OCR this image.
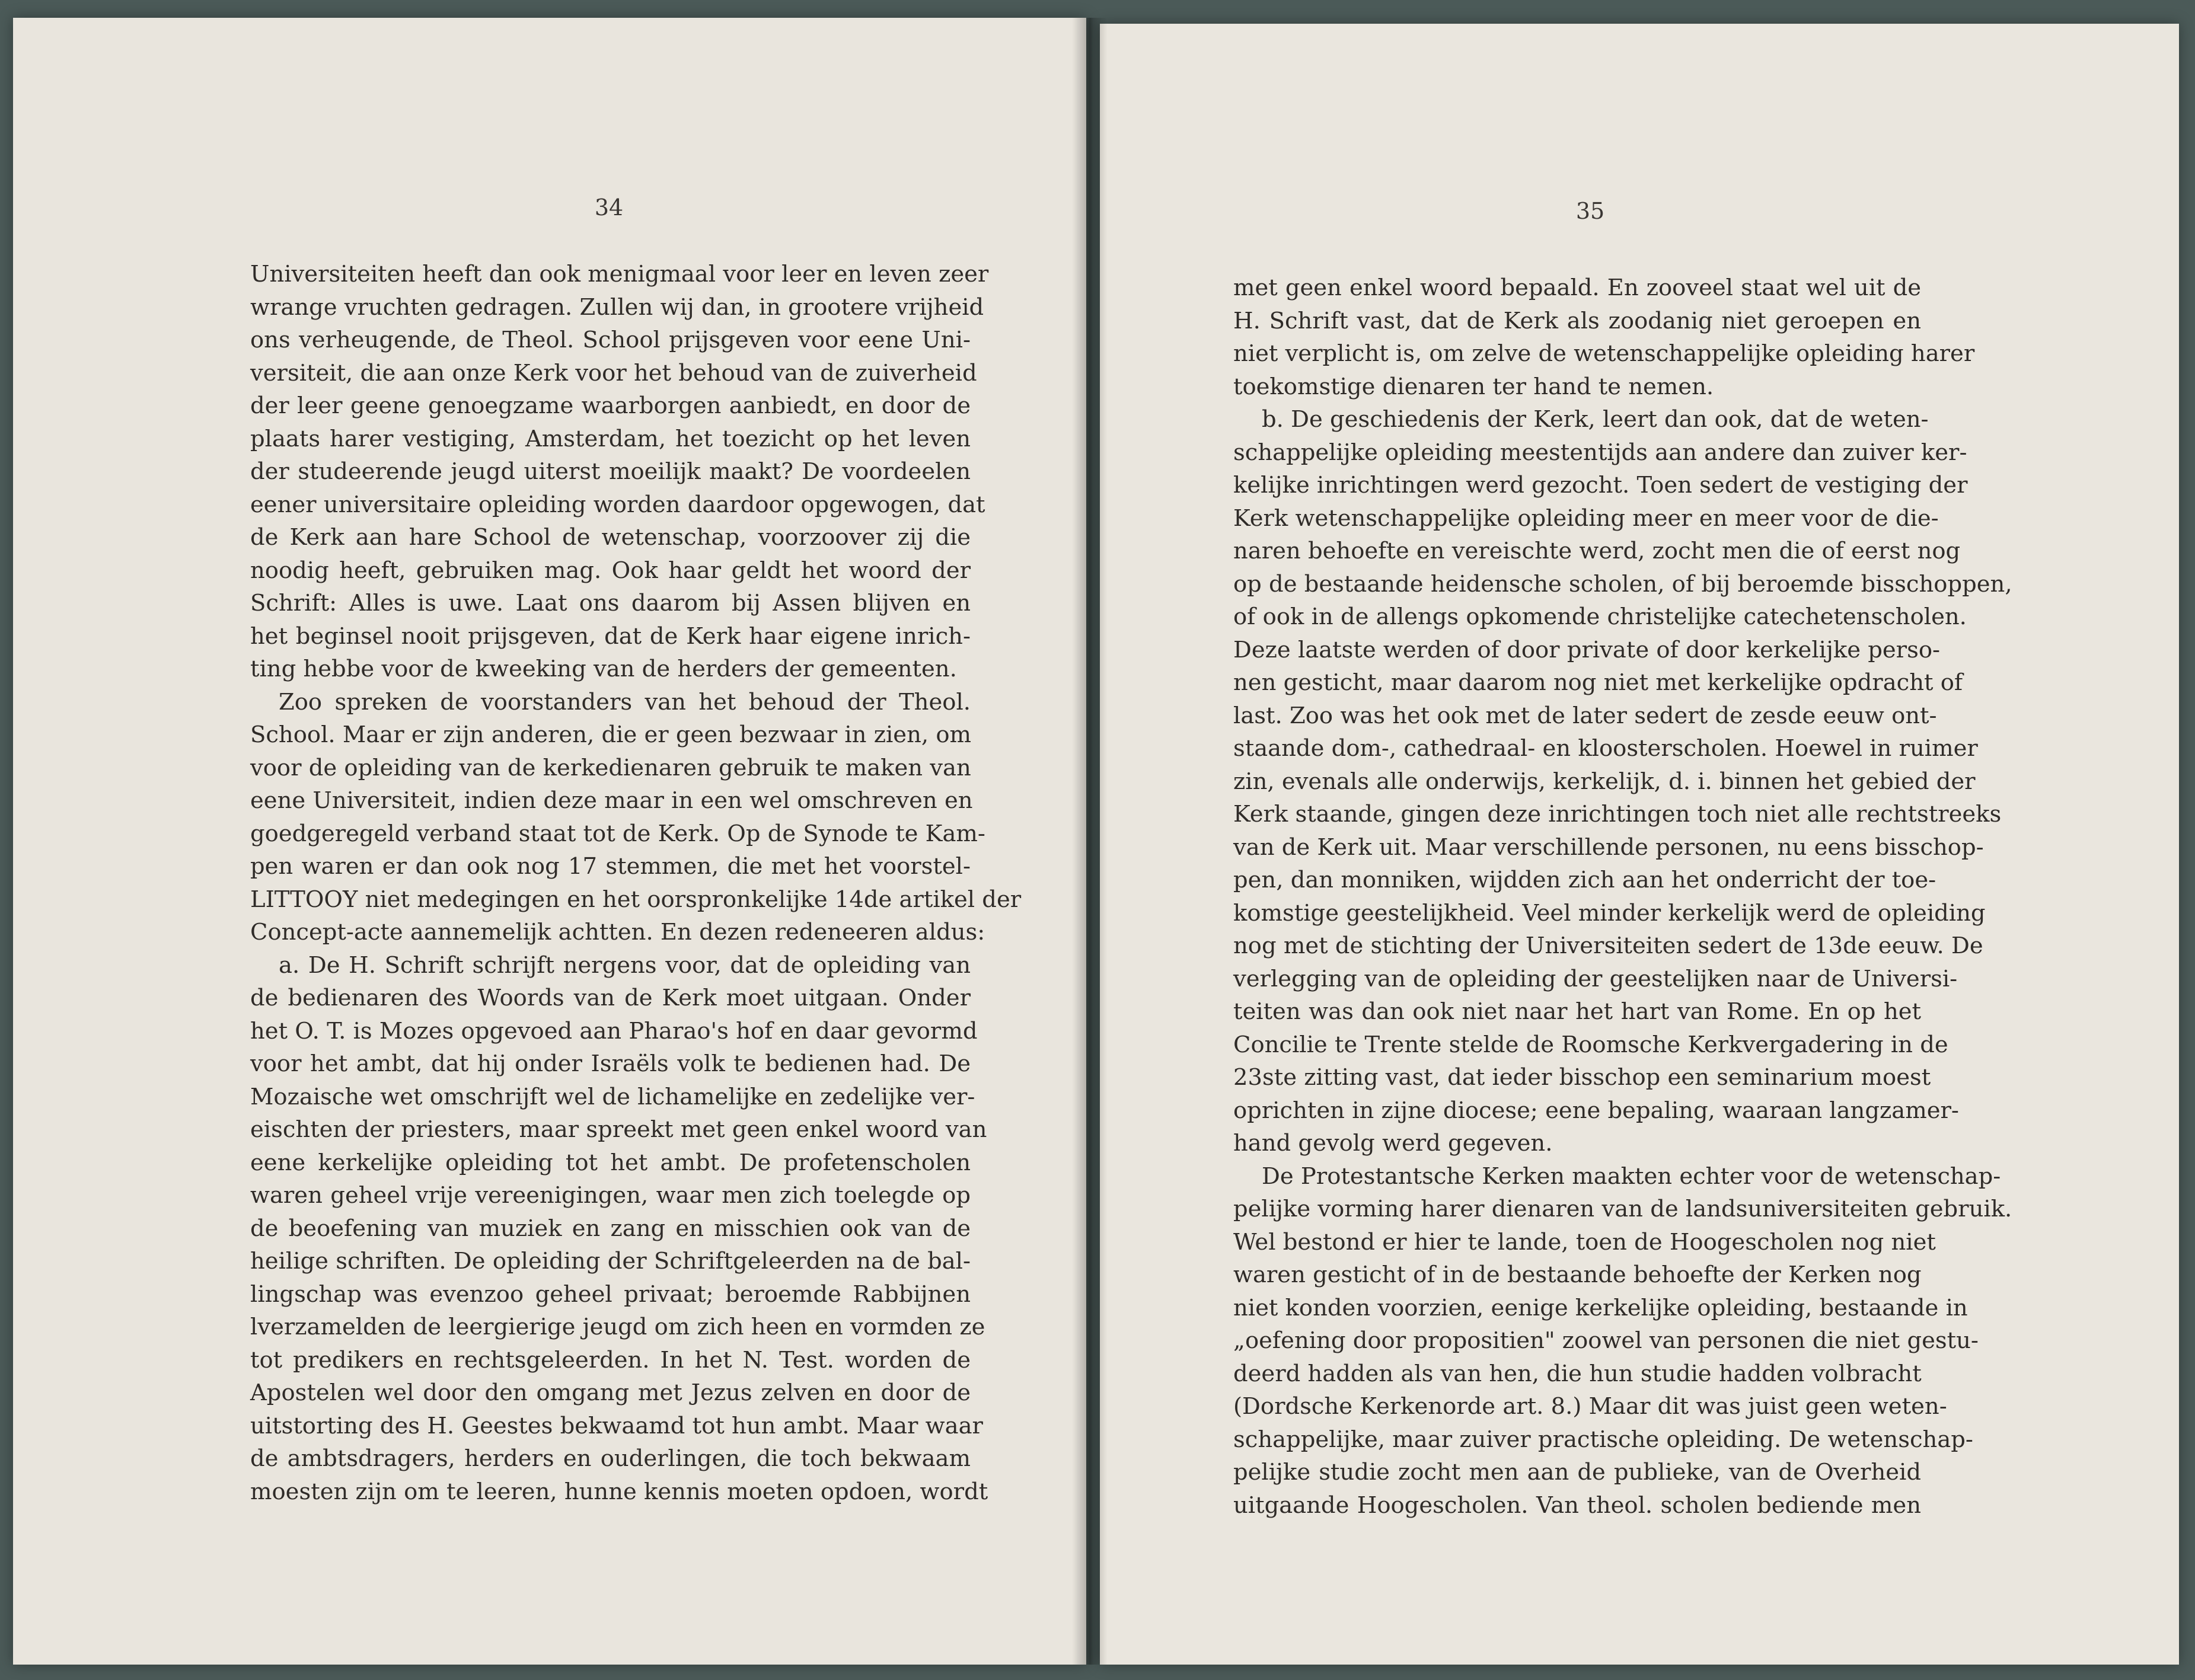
34
Universiteiten heeft dan ook menigmaal voor leer en leven zeer
wrange vruchten gedragen. Zullen wij dan, in grootere vrijheid
ons verheugende, de Theol. School prijsgeven voor eene Uni-
versiteit, die aan onze Kerk voor het behoud van de zuiverheid
der leer geene genoegzame waarborgen aanbiedt, en door de
plaats harer vestiging, Amsterdam, het toezicht op het leven
der studeerende jeugd uiterst moeilijk maakt? De voordeelen
eener universitaire opleiding worden daardoor opgewogen, dat
de Kerk aan hare School de wetenschap, voorzoover zij die
noodig heeft, gebruiken mag. Ook haar geldt het woord der
Schrift: Alles is uwe. Laat ons daarom bij Assen blijven en
het beginsel nooit prijsgeven, dat de Kerk haar eigene inrich-
ting hebbe voor de kweeking van de herders der gemeenten.
Zoo spreken de voorstanders van het behoud der Theol.
School. Maar er zijn anderen, die er geen bezwaar in zien, om
voor de opleiding van de kerkedienaren gebruik te maken van
eene Universiteit, indien deze maar in een wel omschreven en
goedgeregeld verband staat tot de Kerk. Op de Synode te Kam-
pen waren er dan ook nog 17 stemmen, die met het voorstel-
LITTOOY niet medegingen en het oorspronkelijke 14de artikel der
Concept-acte aannemelijk achtten. En dezen redeneeren aldus:
a. De H. Schrift schrijft nergens voor, dat de opleiding van
de bedienaren des Woords van de Kerk moet uitgaan. Onder
het O. T. is Mozes opgevoed aan Pharao's hof en daar gevormd
voor het ambt, dat hij onder Israëls volk te bedienen had. De
Mozaische wet omschrijft wel de lichamelijke en zedelijke ver-
eischten der priesters, maar spreekt met geen enkel woord van
eene kerkelijke opleiding tot het ambt. De profetenscholen
waren geheel vrije vereenigingen, waar men zich toelegde op
de beoefening van muziek en zang en misschien ook van de
heilige schriften. De opleiding der Schriftgeleerden na de bal-
lingschap was evenzoo geheel privaat; beroemde Rabbijnen
lverzamelden de leergierige jeugd om zich heen en vormden ze
tot predikers en rechtsgeleerden. In het N. Test. worden de
Apostelen wel door den omgang met Jezus zelven en door de
uitstorting des H. Geestes bekwaamd tot hun ambt. Maar waar
de ambtsdragers, herders en ouderlingen, die toch bekwaam
moesten zijn om te leeren, hunne kennis moeten opdoen, wordt
35
met geen enkel woord bepaald. En zooveel staat wel uit de
H. Schrift vast, dat de Kerk als zoodanig niet geroepen en
niet verplicht is, om zelve de wetenschappelijke opleiding harer
toekomstige dienaren ter hand te nemen.
b. De geschiedenis der Kerk, leert dan ook, dat de weten-
schappelijke opleiding meestentijds aan andere dan zuiver ker-
kelijke inrichtingen werd gezocht. Toen sedert de vestiging der
Kerk wetenschappelijke opleiding meer en meer voor de die-
naren behoefte en vereischte werd, zocht men die of eerst nog
op de bestaande heidensche scholen, of bij beroemde bisschoppen,
of ook in de allengs opkomende christelijke catechetenscholen.
Deze laatste werden of door private of door kerkelijke perso-
nen gesticht, maar daarom nog niet met kerkelijke opdracht of
last. Zoo was het ook met de later sedert de zesde eeuw ont-
staande dom-, cathedraal- en kloosterscholen. Hoewel in ruimer
zin, evenals alle onderwijs, kerkelijk, d. i. binnen het gebied der
Kerk staande, gingen deze inrichtingen toch niet alle rechtstreeks
van de Kerk uit. Maar verschillende personen, nu eens bisschop-
pen, dan monniken, wijdden zich aan het onderricht der toe-
komstige geestelijkheid. Veel minder kerkelijk werd de opleiding
nog met de stichting der Universiteiten sedert de 13de eeuw. De
verlegging van de opleiding der geestelijken naar de Universi-
teiten was dan ook niet naar het hart van Rome. En op het
Concilie te Trente stelde de Roomsche Kerkvergadering in de
23ste zitting vast, dat ieder bisschop een seminarium moest
oprichten in zijne diocese; eene bepaling, waaraan langzamer-
hand gevolg werd gegeven.
De Protestantsche Kerken maakten echter voor de wetenschap-
pelijke vorming harer dienaren van de landsuniversiteiten gebruik.
Wel bestond er hier te lande, toen de Hoogescholen nog niet
waren gesticht of in de bestaande behoefte der Kerken nog
niet konden voorzien, eenige kerkelijke opleiding, bestaande in
„oefening door propositien" zoowel van personen die niet gestu-
deerd hadden als van hen, die hun studie hadden volbracht
(Dordsche Kerkenorde art. 8.) Maar dit was juist geen weten-
schappelijke, maar zuiver practische opleiding. De wetenschap-
pelijke studie zocht men aan de publieke, van de Overheid
uitgaande Hoogescholen. Van theol. scholen bediende men
